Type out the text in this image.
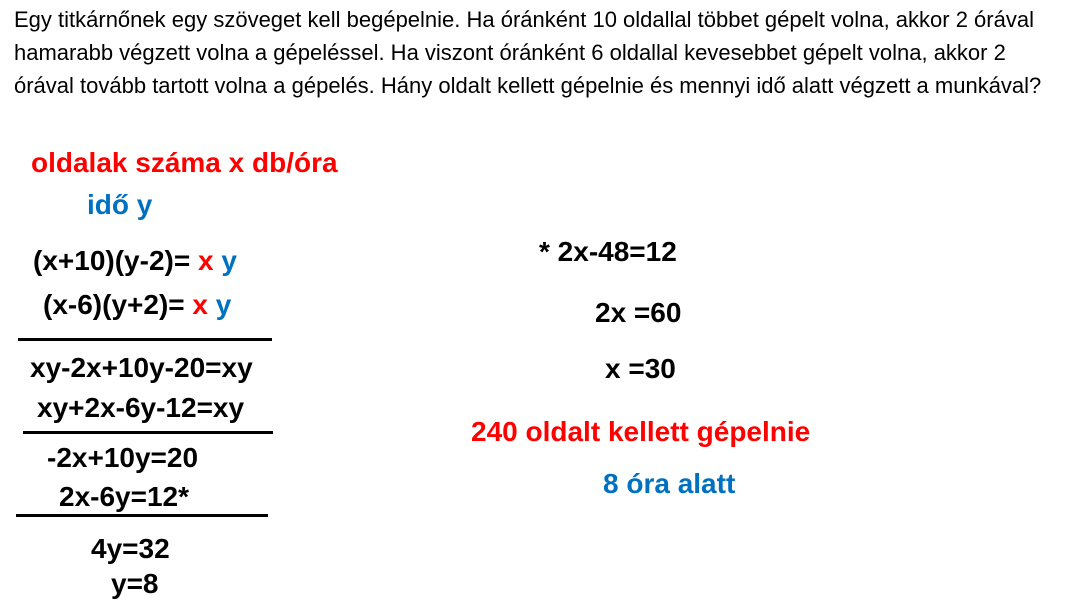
Egy titkárnőnek egy szöveget kell begépelnie. Ha óránként 10 oldallal többet gépelt volna, akkor 2 órával hamarabb végzett volna a gépeléssel. Ha viszont óránként 6 oldallal kevesebbet gépelt volna, akkor 2 órával tovább tartott volna a gépelés. Hány oldalt kellett gépelnie és mennyi idő alatt végzett a munkával?

oldalak száma x db/óra
idő y
(x+10)(y-2)= x y
(x-6)(y+2)= x y
xy-2x+10y-20=xy
xy+2x-6y-12=xy
-2x+10y=20
2x-6y=12*
4y=32
y=8
* 2x-48=12
2x =60
x =30
240 oldalt kellett gépelnie
8 óra alatt
